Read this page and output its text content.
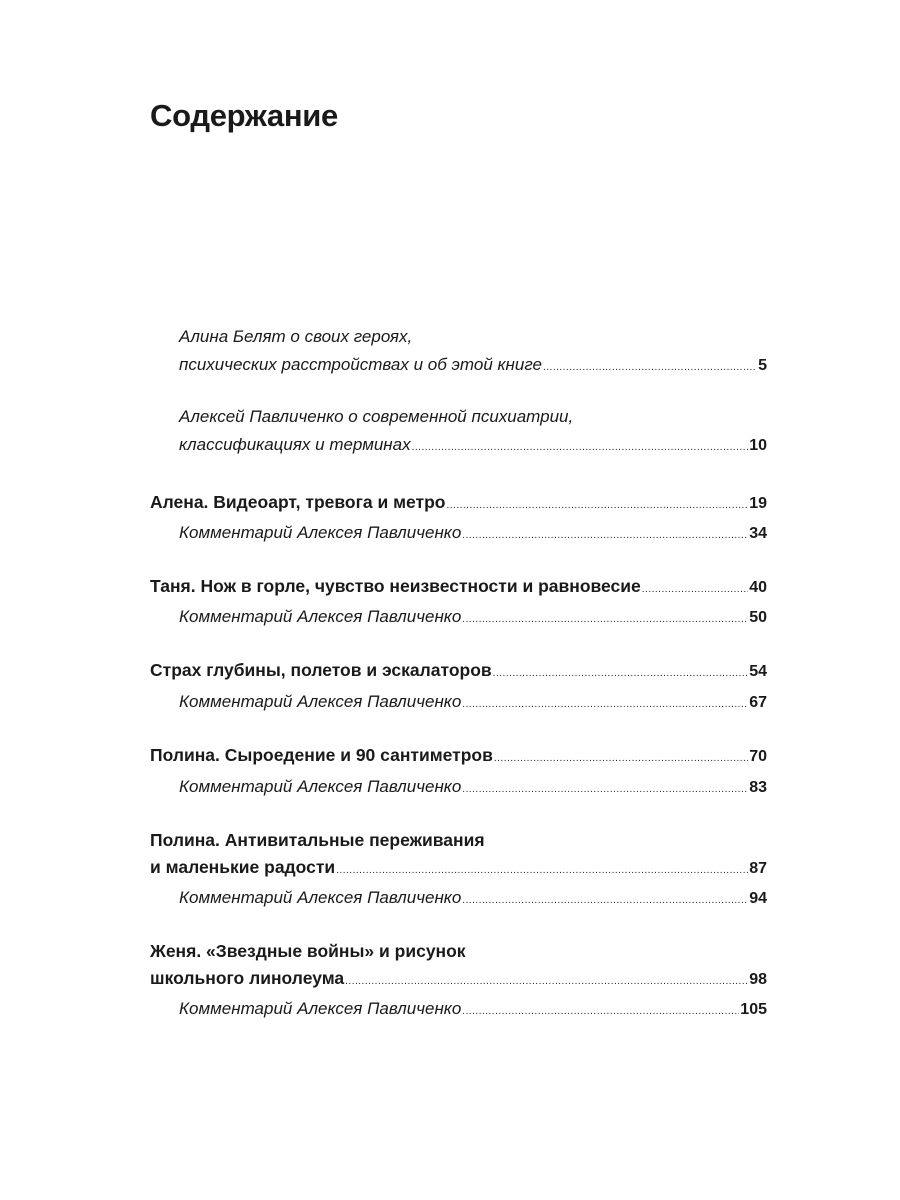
Содержание
Алина Белят о своих героях,
психических расстройствах и об этой книге .....	5
Алексей Павличенко о современной психиатрии,
классификациях и терминах .....	10
Алена. Видеоарт, тревога и метро .....	19
Комментарий Алексея Павличенко .....	34
Таня. Нож в горле, чувство неизвестности и равновесие .....	40
Комментарий Алексея Павличенко .....	50
Страх глубины, полетов и эскалаторов .....	54
Комментарий Алексея Павличенко .....	67
Полина. Сыроедение и 90 сантиметров .....	70
Комментарий Алексея Павличенко .....	83
Полина. Антивитальные переживания
и маленькие радости .....	87
Комментарий Алексея Павличенко .....	94
Женя. «Звездные войны» и рисунок
школьного линолеума .....	98
Комментарий Алексея Павличенко .....	105
